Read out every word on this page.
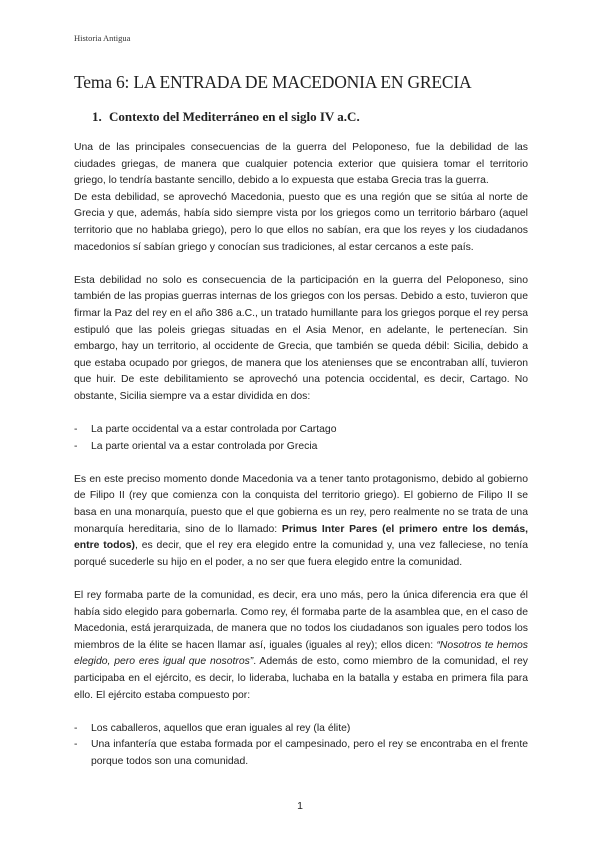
Historia Antigua
Tema 6: LA ENTRADA DE MACEDONIA EN GRECIA
1. Contexto del Mediterráneo en el siglo IV a.C.

Una de las principales consecuencias de la guerra del Peloponeso, fue la debilidad de las ciudades griegas, de manera que cualquier potencia exterior que quisiera tomar el territorio griego, lo tendría bastante sencillo, debido a lo expuesta que estaba Grecia tras la guerra.

De esta debilidad, se aprovechó Macedonia, puesto que es una región que se sitúa al norte de Grecia y que, además, había sido siempre vista por los griegos como un territorio bárbaro (aquel territorio que no hablaba griego), pero lo que ellos no sabían, era que los reyes y los ciudadanos macedonios sí sabían griego y conocían sus tradiciones, al estar cercanos a este país.

Esta debilidad no solo es consecuencia de la participación en la guerra del Peloponeso, sino también de las propias guerras internas de los griegos con los persas. Debido a esto, tuvieron que firmar la Paz del rey en el año 386 a.C., un tratado humillante para los griegos porque el rey persa estipuló que las poleis griegas situadas en el Asia Menor, en adelante, le pertenecían. Sin embargo, hay un territorio, al occidente de Grecia, que también se queda débil: Sicilia, debido a que estaba ocupado por griegos, de manera que los atenienses que se encontraban allí, tuvieron que huir. De este debilitamiento se aprovechó una potencia occidental, es decir, Cartago. No obstante, Sicilia siempre va a estar dividida en dos:

- La parte occidental va a estar controlada por Cartago
- La parte oriental va a estar controlada por Grecia

Es en este preciso momento donde Macedonia va a tener tanto protagonismo, debido al gobierno de Filipo II (rey que comienza con la conquista del territorio griego). El gobierno de Filipo II se basa en una monarquía, puesto que el que gobierna es un rey, pero realmente no se trata de una monarquía hereditaria, sino de lo llamado: Primus Inter Pares (el primero entre los demás, entre todos), es decir, que el rey era elegido entre la comunidad y, una vez falleciese, no tenía porqué sucederle su hijo en el poder, a no ser que fuera elegido entre la comunidad.

El rey formaba parte de la comunidad, es decir, era uno más, pero la única diferencia era que él había sido elegido para gobernarla. Como rey, él formaba parte de la asamblea que, en el caso de Macedonia, está jerarquizada, de manera que no todos los ciudadanos son iguales pero todos los miembros de la élite se hacen llamar así, iguales (iguales al rey); ellos dicen: “Nosotros te hemos elegido, pero eres igual que nosotros”. Además de esto, como miembro de la comunidad, el rey participaba en el ejército, es decir, lo lideraba, luchaba en la batalla y estaba en primera fila para ello. El ejército estaba compuesto por:

- Los caballeros, aquellos que eran iguales al rey (la élite)
- Una infantería que estaba formada por el campesinado, pero el rey se encontraba en el frente porque todos son una comunidad.
1
